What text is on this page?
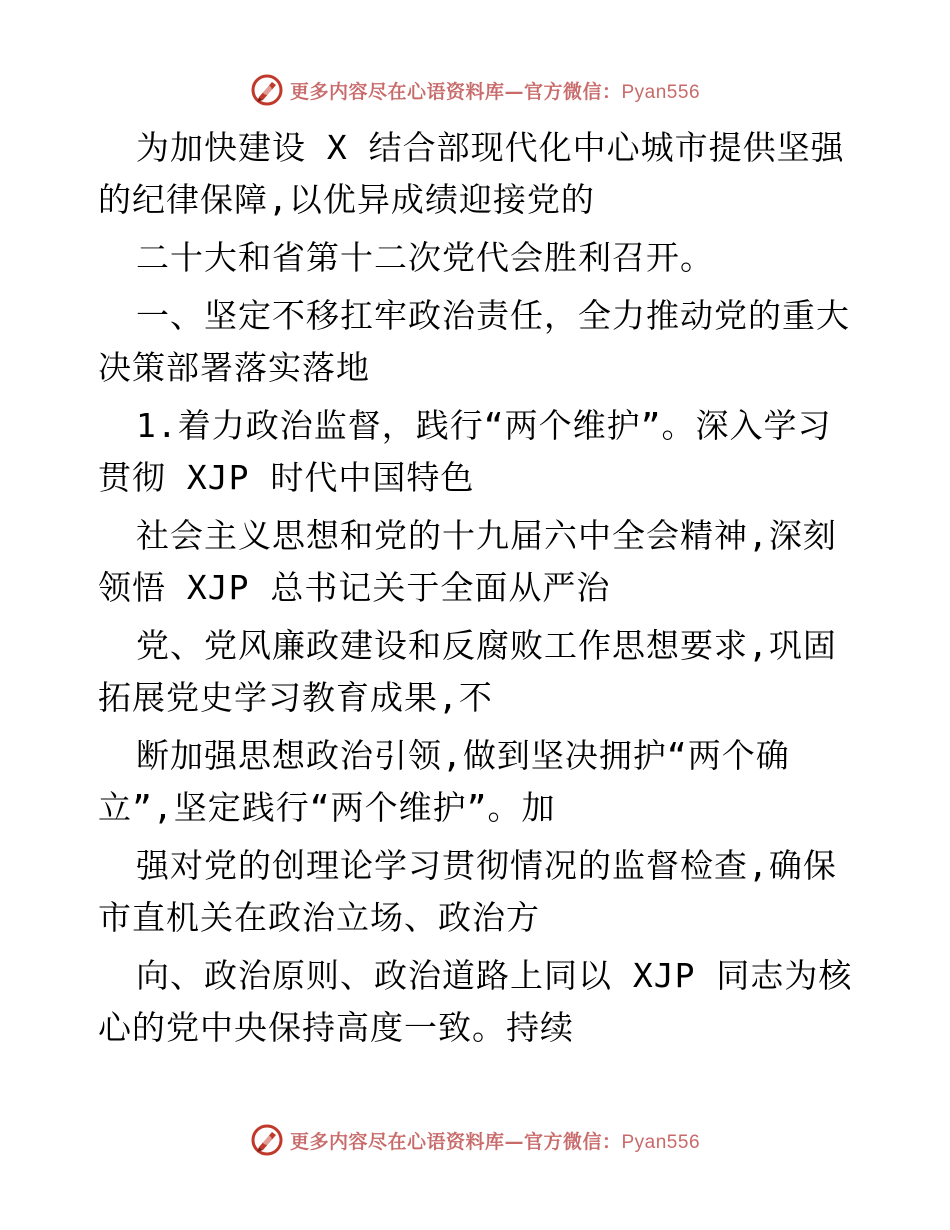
更多内容尽在心语资料库—官方微信：Pyan556
为加快建设 X 结合部现代化中心城市提供坚强
的纪律保障,以优异成绩迎接党的
二十大和省第十二次党代会胜利召开。
一、坚定不移扛牢政治责任，全力推动党的重大
决策部署落实落地
1.着力政治监督，践行“两个维护”。深入学习
贯彻 XJP 时代中国特色
社会主义思想和党的十九届六中全会精神,深刻
领悟 XJP 总书记关于全面从严治
党、党风廉政建设和反腐败工作思想要求,巩固
拓展党史学习教育成果,不
断加强思想政治引领,做到坚决拥护“两个确
立”,坚定践行“两个维护”。加
强对党的创理论学习贯彻情况的监督检查,确保
市直机关在政治立场、政治方
向、政治原则、政治道路上同以 XJP 同志为核
心的党中央保持高度一致。持续
更多内容尽在心语资料库—官方微信：Pyan556
